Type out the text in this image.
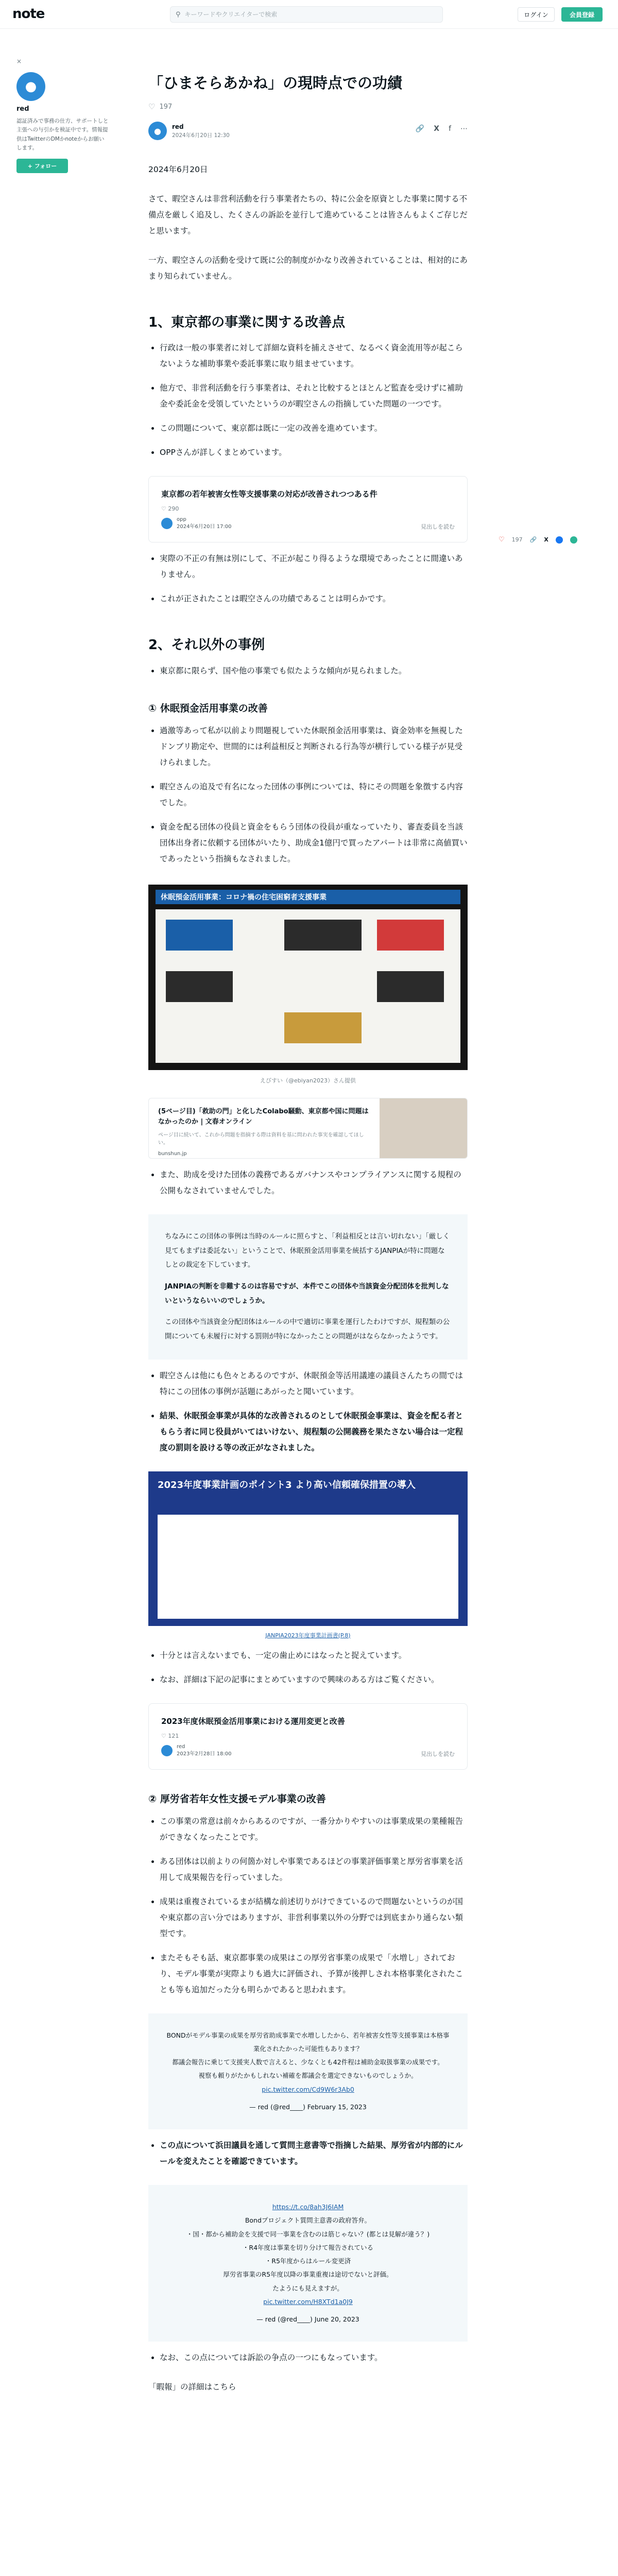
note	⚲
キーワードやクリエイターで検索	ログイン	会員登録
×
●
red
認証済みで事務の仕方、サポートしと主張への与引かを検証中です。情報提供はTwitterのDMかnoteからお願いします。
+ フォロー
♡ 197 🔗 X
「ひまそらあかね」の現時点での功績
♡ 197
●	red
2024年6月20日 12:30
🔗 X f ⋯
2024年6月20日
さて、暇空さんは非営利活動を行う事業者たちの、特に公金を原資とした事業に関する不備点を厳しく追及し、たくさんの訴訟を並行して進めていることは皆さんもよくご存じだと思います。
一方、暇空さんの活動を受けて既に公的制度がかなり改善されていることは、相対的にあまり知られていません。
1、東京都の事業に関する改善点
• 行政は一般の事業者に対して詳細な資料を捕えさせて、なるべく資金流用等が起こらないような補助事業や委託事業に取り組ませています。
• 他方で、非営利活動を行う事業者は、それと比較するとほとんど監査を受けずに補助金や委託金を受領していたというのが暇空さんの指摘していた問題の一つです。
• この問題について、東京都は既に一定の改善を進めています。
• OPPさんが詳しくまとめています。
東京都の若年被害女性等支援事業の対応が改善されつつある件
♡ 290
opp
2024年6月20日 17:00	見出しを読む
• 実際の不正の有無は別にして、不正が起こり得るような環境であったことに間違いありません。
• これが正されたことは暇空さんの功績であることは明らかです。
2、それ以外の事例
• 東京都に限らず、国や他の事業でも似たような傾向が見られました。
① 休眠預金活用事業の改善
• 過激等あって私が以前より問題視していた休眠預金活用事業は、資金効率を無視したドンブリ勘定や、世間的には利益相反と判断される行為等が横行している様子が見受けられました。
• 暇空さんの追及で有名になった団体の事例については、特にその問題を象徴する内容でした。
• 資金を配る団体の役員と資金をもらう団体の役員が重なっていたり、審査委員を当該団体出身者に依頼する団体がいたり、助成金1億円で買ったアパートは非常に高値買いであったという指摘もなされました。
休眠預金活用事業：コロナ禍の住宅困窮者支援事業
えびすい（@ebiyan2023）さん提供
(5ページ目)「救助の門」と化したColabo騒動、東京都や国に問題はなかったのか | 文春オンライン
ページ目に続いて、これから問題を指摘する際は資料を基に問われた事実を確認してほしい。
bunshun.jp
• また、助成を受けた団体の義務であるガバナンスやコンプライアンスに関する規程の公開もなされていませんでした。

ちなみにこの団体の事例は当時のルールに照らすと、「利益相反とは言い切れない」「厳しく見てもまずは委託ない」ということで、休眠預金活用事業を統括するJANPIAが特に問題なしとの裁定を下しています。

JANPIAの判断を非難するのは容易ですが、本件でこの団体や当該資金分配団体を批判しないというならいいのでしょうか。

この団体や当該資金分配団体はルールの中で適切に事業を運行したわけですが、規程類の公開についても未履行に対する罰則が特になかったことの問題がはならなかったようです。

• 暇空さんは他にも色々とあるのですが、休眠預金等活用議連の議員さんたちの間では特にこの団体の事例が話題にあがったと聞いています。
• 結果、休眠預金事業が具体的な改善されるのとして休眠預金事業は、資金を配る者ともらう者に同じ役員がいてはいけない、規程類の公開義務を果たさない場合は一定程度の罰則を設ける等の改正がなされました。
2023年度事業計画のポイント3 より高い信頼確保措置の導入
JANPIA2023年度事業計画書(P.8)
• 十分とは言えないまでも、一定の歯止めにはなったと捉えています。
• なお、詳細は下記の記事にまとめていますので興味のある方はご覧ください。
2023年度休眠預金活用事業における運用変更と改善
♡ 121
red
2023年2月28日 18:00	見出しを読む
② 厚労省若年女性支援モデル事業の改善
• この事業の常意は前々からあるのですが、一番分かりやすいのは事業成果の業種報告ができなくなったことです。
• ある団体は以前よりの何箇か対しや事業であるほどの事業評価事業と厚労省事業を活用して成果報告を行っていました。
• 成果は重複されているまが結構な前述切りがけできているので問題ないというのが国や東京都の言い分ではありますが、非営利事業以外の分野では到底まかり通らない類型です。
• またそもそも話、東京都事業の成果はこの厚労省事業の成果で「水増し」されており、モデル事業が実際よりも過大に評価され、予算が後押しされ本格事業化されたことも等も追加だった分も明らかであると思われます。

BONDがモデル事業の成果を厚労省助成事業で水増ししたから、若年被害女性等支援事業は本格事業化されたかった可能性もあります？

都議会報告に乗じて支援実人数で言えると、少なくとも42件程は補助金取扱事業の成果です。

視察も頼りがたかもしれない補確を都議会を選定できないものでしょうか。

pic.twitter.com/Cd9W6r3Ab0

— red (@red____) February 15, 2023

• この点について浜田議員を通して質問主意書等で指摘した結果、厚労省が内部的にルールを変えたことを確認できています。

https://t.co/8ah3J6IAM

Bondプロジェクト質問主意書の政府答弁。

・国・都から補助金を支援で同一事業を含むのは筋じゃない？(都とは見解が違う？)

・R4年度は事業を切り分けて報告されている

・R5年度からはルール変更済

厚労省事業のR5年度以降の事業重複は途切でないと評価。

たようにも見えますが。

pic.twitter.com/H8XTd1a0J9

— red (@red____) June 20, 2023

• なお、この点については訴訟の争点の一つにもなっています。
「暇報」の詳細はこちら
